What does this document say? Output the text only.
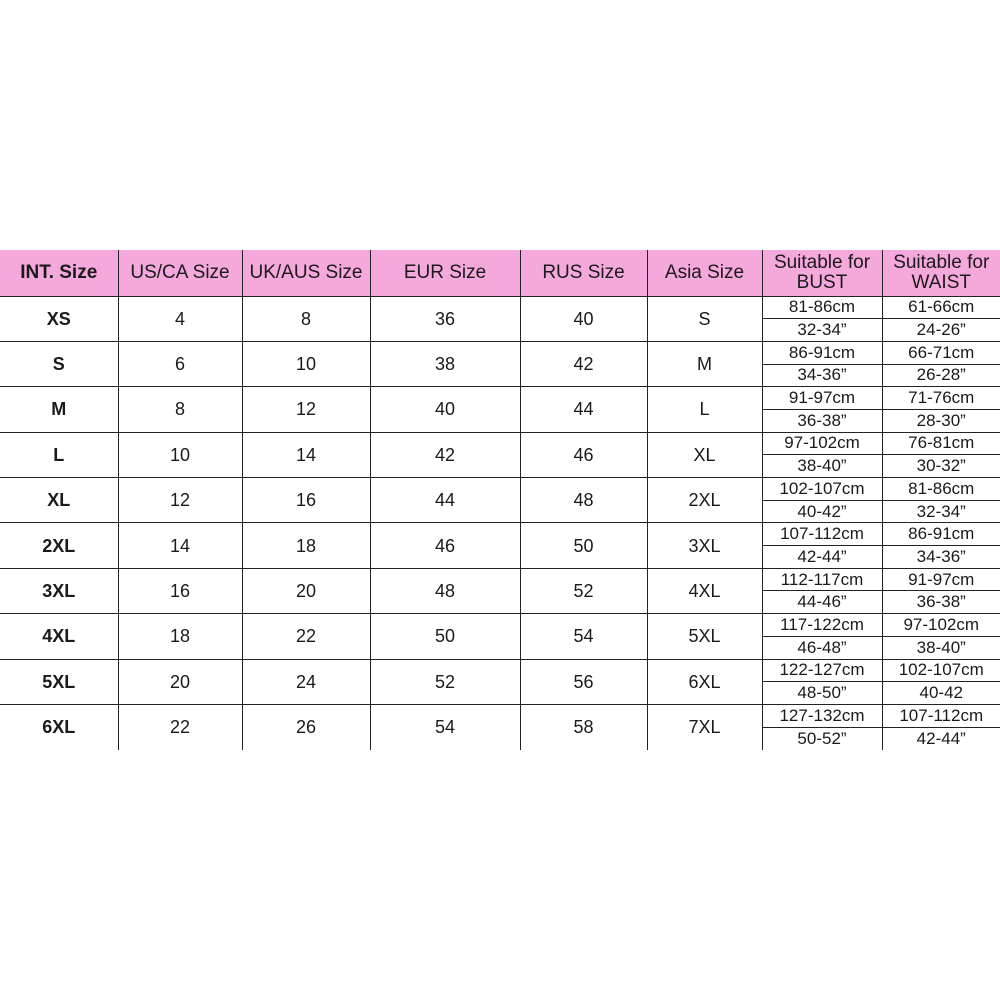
INT. Size	US/CA Size	UK/AUS Size	EUR Size	RUS Size	Asia Size	Suitable for BUST	Suitable for WAIST
XS	4	8	36	40	S	81-86cm	61-66cm
						32-34”	24-26”
S	6	10	38	42	M	86-91cm	66-71cm
						34-36”	26-28”
M	8	12	40	44	L	91-97cm	71-76cm
						36-38”	28-30”
L	10	14	42	46	XL	97-102cm	76-81cm
						38-40”	30-32”
XL	12	16	44	48	2XL	102-107cm	81-86cm
						40-42”	32-34”
2XL	14	18	46	50	3XL	107-112cm	86-91cm
						42-44”	34-36”
3XL	16	20	48	52	4XL	112-117cm	91-97cm
						44-46”	36-38”
4XL	18	22	50	54	5XL	117-122cm	97-102cm
						46-48”	38-40”
5XL	20	24	52	56	6XL	122-127cm	102-107cm
						48-50”	40-42
6XL	22	26	54	58	7XL	127-132cm	107-112cm
						50-52”	42-44”
